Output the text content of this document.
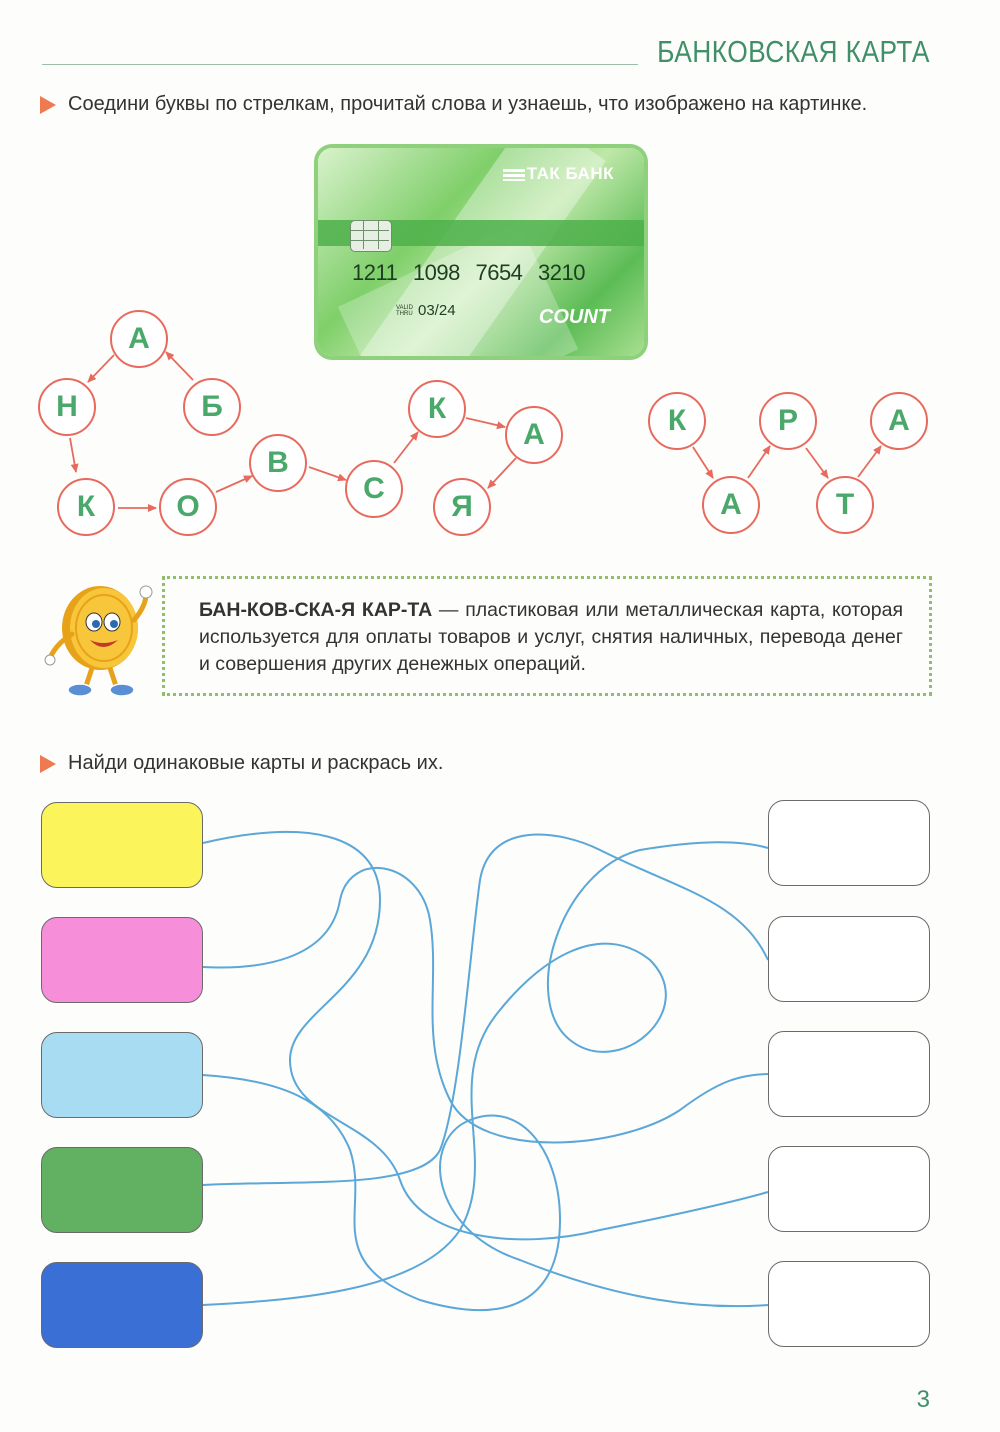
БАНКОВСКАЯ КАРТА
Соедини буквы по стрелкам, прочитай слова и узнаешь, что изображено на картинке.
ТАК БАНК
1211 1098 7654 3210
VALID THRU 03/24	COUNT
А
Б
Н
К	О
В
С
К
А
Я
К
А
Р
Т
А
БАН-КОВ-СКА-Я КАР-ТА — пластиковая или металлическая карта, которая используется для оплаты товаров и услуг, снятия наличных, перевода денег и совершения других денежных операций.
Найди одинаковые карты и раскрась их.
3
